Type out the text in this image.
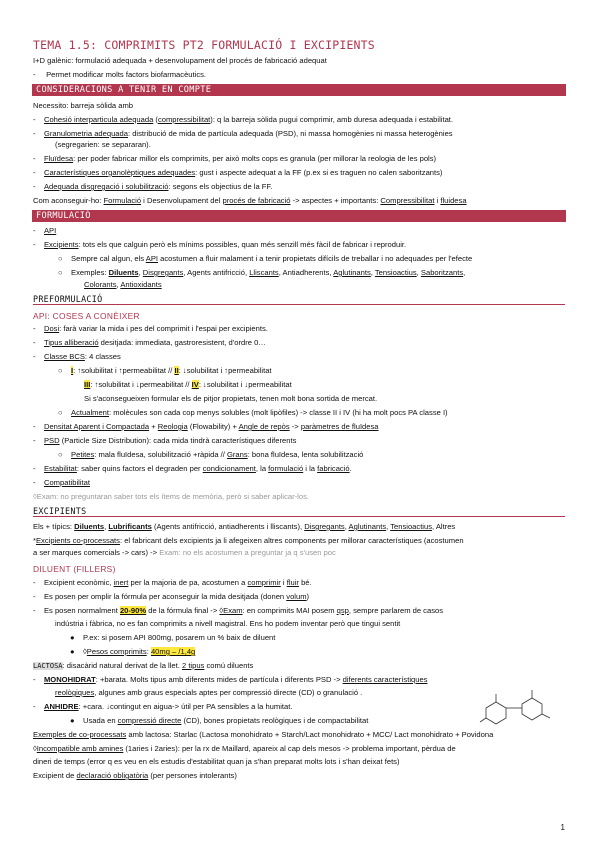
TEMA 1.5: COMPRIMITS PT2 FORMULACIÓ I EXCIPIENTS
I+D galènic: formulació adequada + desenvolupament del procés de fabricació adequat
-     Permet modificar molts factors biofarmacèutics.
CONSIDERACIONS A TENIR EN COMPTE
Necessito: barreja sòlida amb
-    Cohesió interparticula adequada (compressibilitat): q la barreja sòlida pugui comprimir, amb duresa adequada i estabilitat.
-    Granulometria adequada: distribució de mida de partícula adequada (PSD), ni massa homogènies ni massa heterogènies
(segregarien: se separaran).
-    Fluïdesa: per poder fabricar millor els comprimits, per això molts cops es granula (per millorar la reologia de les pols)
-    Característiques organolèptiques adequades: gust i aspecte adequat a la FF (p.ex si es traguen no calen saboritzants)
-    Adequada disgregació i solubilització: segons els objectius de la FF.
Com aconseguir-ho: Formulació i Desenvolupament del procés de fabricació -> aspectes + importants: Compressibilitat i fluidesa
FORMULACIÓ
-    API
-    Excipients: tots els que calguin però els mínims possibles, quan més senzill més fàcil de fabricar i reproduir.
○    Sempre cal algun, els API acostumen a fluir malament i a tenir propietats difícils de treballar i no adequades per l'efecte
○    Exemples: Diluents, Disgregants, Agents antifricció, Lliscants, Antiadherents, Aglutinants, Tensioactius, Saboritzants,
Colorants, Antioxidants
PREFORMULACIÓ
API: COSES A CONÈIXER
-    Dosi: farà variar la mida i pes del comprimit i l'espai per excipients.
-    Tipus alliberació desitjada: immediata, gastroresistent, d'ordre 0…
-    Classe BCS: 4 classes
○    I: ↑solubilitat i ↑permeabilitat // II: ↓solubilitat i ↑permeabilitat
III: ↑solubilitat i ↓permeabilitat // IV: ↓solubilitat i ↓permeabilitat
Si s'aconsegueixen formular els de pitjor propietats, tenen molt bona sortida de mercat.
○    Actualment: molècules son cada cop menys solubles (molt lipòfiles) -> classe II i IV (hi ha molt pocs PA classe I)
-    Densitat Aparent i Compactada + Reologia (Flowability) + Angle de repòs -> paràmetres de fluïdesa
-    PSD (Particle Size Distribution): cada mida tindrà característiques diferents
○    Petites: mala fluïdesa, solubilització +ràpida // Grans: bona fluïdesa, lenta solubilització
-    Estabilitat: saber quins factors el degraden per condicionament, la formulació i la fabricació.
-    Compatibilitat
◊Exam: no preguntaran saber tots els ítems de memòria, però si saber aplicar-los.
EXCIPIENTS
Els + típics: Diluents, Lubrificants (Agents antifricció, antiadherents i lliscants), Disgregants, Aglutinants, Tensioactius, Altres
*Excipients co-processats: el fabricant dels excipients ja li afegeixen altres components per millorar característiques (acostumen
a ser marques comercials -> cars) -> Exam: no els acostumen a preguntar ja q s'usen poc
DILUENT (FILLERS)
-    Excipient econòmic, inert per la majoria de pa, acostumen a comprimir i fluir bé.
-    Es posen per omplir la fórmula per aconseguir la mida desitjada (donen volum)
-    Es posen normalment 20-90% de la fórmula final -> ◊Exam: en comprimits MAI posem qsp, sempre parlarem de casos
indústria i fàbrica, no es fan comprimits a nivell magistral. Ens ho podem inventar però que tingui sentit
●    P.ex: si posem API 800mg, posarem un % baix de diluent
●    ◊Pesos comprimits: 40mg – /1,4g
LACTOSA: disacàrid natural derivat de la llet. 2 tipus comú diluents
-    MONOHIDRAT: +barata. Molts tipus amb diferents mides de partícula i diferents PSD -> diferents característiques
reològiques, algunes amb graus especials aptes per compressió directe (CD) o granulació .
-    ANHIDRE: +cara. ↓contingut en aigua-> útil per PA sensibles a la humitat.
●    Usada en compressió directe (CD), bones propietats reològiques i de compactabilitat
Exemples de co-processats amb lactosa: Starlac (Lactosa monohidrato + Starch/Lact monohidrato + MCC/ Lact monohidrato + Povidona
◊Incompatible amb amines (1aries i 2aries): per la rx de Maillard, apareix al cap dels mesos -> problema important, pèrdua de
dineri de temps (error q es veu en els estudis d'estabilitat quan ja s'han preparat molts lots i s'han deixat fets)
Excipient de declaració obligatòria (per persones intolerants)
1
